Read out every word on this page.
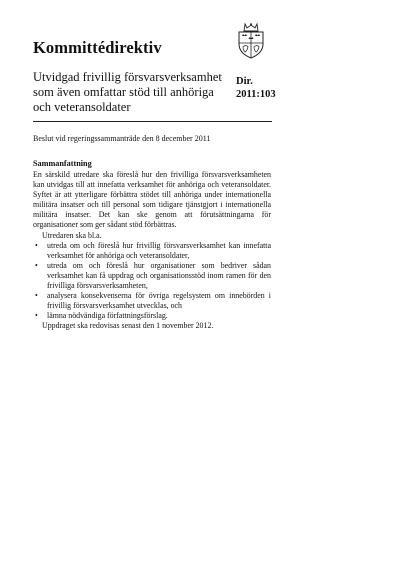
Kommittédirektiv
Utvidgad frivillig försvarsverksamhet som även omfattar stöd till anhöriga och veteransoldater
Dir.
2011:103
Beslut vid regeringssammanträde den 8 december 2011
Sammanfattning

En särskild utredare ska föreslå hur den frivilliga försvarsverksamheten kan utvidgas till att innefatta verksamhet för anhöriga och veteransoldater. Syftet är att ytterligare förbättra stödet till anhöriga under internationella militära insatser och till personal som tidigare tjänstgjort i internationella militära insatser. Det kan ske genom att förutsättningarna för organisationer som ger sådant stöd förbättras.

Utredaren ska bl.a.

• utreda om och föreslå hur frivillig försvarsverksamhet kan innefatta verksamhet för anhöriga och veteransoldater,
• utreda om och föreslå hur organisationer som bedriver sådan verksamhet kan få uppdrag och organisationsstöd inom ramen för den frivilliga försvarsverksamheten,
• analysera konsekvenserna för övriga regelsystem om innebörden i frivillig försvarsverksamhet utvecklas, och
• lämna nödvändiga författningsförslag.

Uppdraget ska redovisas senast den 1 november 2012.
